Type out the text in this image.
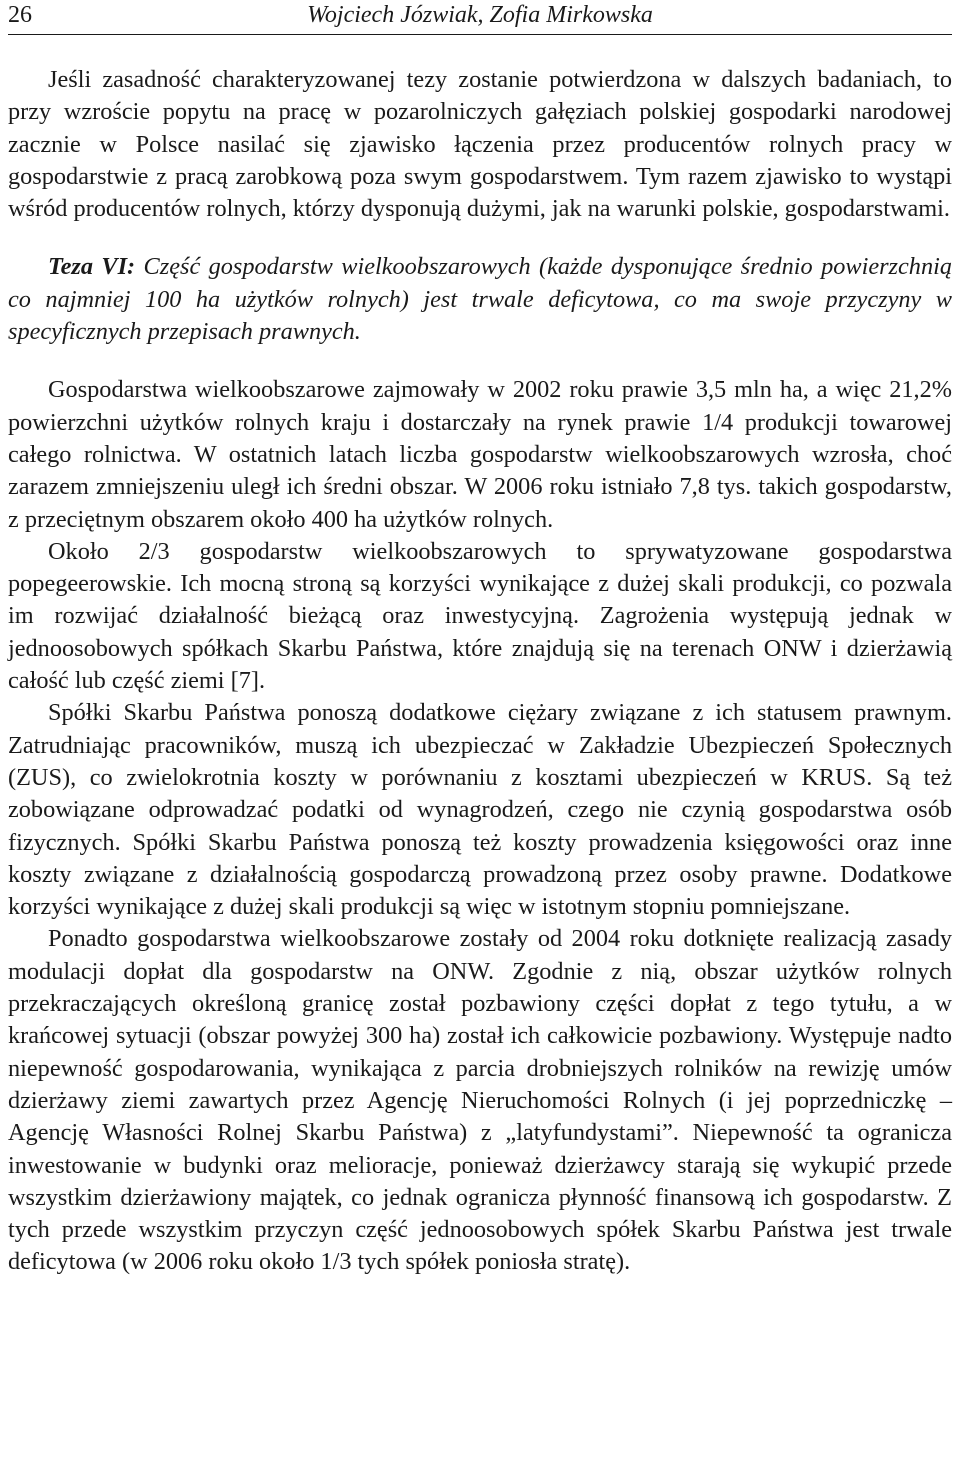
26	Wojciech Józwiak, Zofia Mirkowska

Jeśli zasadność charakteryzowanej tezy zostanie potwierdzona w dalszych badaniach, to przy wzroście popytu na pracę w pozarolniczych gałęziach polskiej gospodarki narodowej zacznie w Polsce nasilać się zjawisko łączenia przez producentów rolnych pracy w gospodarstwie z pracą zarobkową poza swym gospodarstwem. Tym razem zjawisko to wystąpi wśród producentów rolnych, którzy dysponują dużymi, jak na warunki polskie, gospodarstwami.

Teza VI: Część gospodarstw wielkoobszarowych (każde dysponujące średnio powierzchnią co najmniej 100 ha użytków rolnych) jest trwale deficytowa, co ma swoje przyczyny w specyficznych przepisach prawnych.

Gospodarstwa wielkoobszarowe zajmowały w 2002 roku prawie 3,5 mln ha, a więc 21,2% powierzchni użytków rolnych kraju i dostarczały na rynek prawie 1/4 produkcji towarowej całego rolnictwa. W ostatnich latach liczba gospodarstw wielkoobszarowych wzrosła, choć zarazem zmniejszeniu uległ ich średni obszar. W 2006 roku istniało 7,8 tys. takich gospodarstw, z przeciętnym obszarem około 400 ha użytków rolnych.

Około 2/3 gospodarstw wielkoobszarowych to sprywatyzowane gospodarstwa popegeerowskie. Ich mocną stroną są korzyści wynikające z dużej skali produkcji, co pozwala im rozwijać działalność bieżącą oraz inwestycyjną. Zagrożenia występują jednak w jednoosobowych spółkach Skarbu Państwa, które znajdują się na terenach ONW i dzierżawią całość lub część ziemi [7].

Spółki Skarbu Państwa ponoszą dodatkowe ciężary związane z ich statusem prawnym. Zatrudniając pracowników, muszą ich ubezpieczać w Zakładzie Ubezpieczeń Społecznych (ZUS), co zwielokrotnia koszty w porównaniu z kosztami ubezpieczeń w KRUS. Są też zobowiązane odprowadzać podatki od wynagrodzeń, czego nie czynią gospodarstwa osób fizycznych. Spółki Skarbu Państwa ponoszą też koszty prowadzenia księgowości oraz inne koszty związane z działalnością gospodarczą prowadzoną przez osoby prawne. Dodatkowe korzyści wynikające z dużej skali produkcji są więc w istotnym stopniu pomniejszane.

Ponadto gospodarstwa wielkoobszarowe zostały od 2004 roku dotknięte realizacją zasady modulacji dopłat dla gospodarstw na ONW. Zgodnie z nią, obszar użytków rolnych przekraczających określoną granicę został pozbawiony części dopłat z tego tytułu, a w krańcowej sytuacji (obszar powyżej 300 ha) został ich całkowicie pozbawiony. Występuje nadto niepewność gospodarowania, wynikająca z parcia drobniejszych rolników na rewizję umów dzierżawy ziemi zawartych przez Agencję Nieruchomości Rolnych (i jej poprzedniczkę – Agencję Własności Rolnej Skarbu Państwa) z „latyfundystami”. Niepewność ta ogranicza inwestowanie w budynki oraz melioracje, ponieważ dzierżawcy starają się wykupić przede wszystkim dzierżawiony majątek, co jednak ogranicza płynność finansową ich gospodarstw. Z tych przede wszystkim przyczyn część jednoosobowych spółek Skarbu Państwa jest trwale deficytowa (w 2006 roku około 1/3 tych spółek poniosła stratę).
